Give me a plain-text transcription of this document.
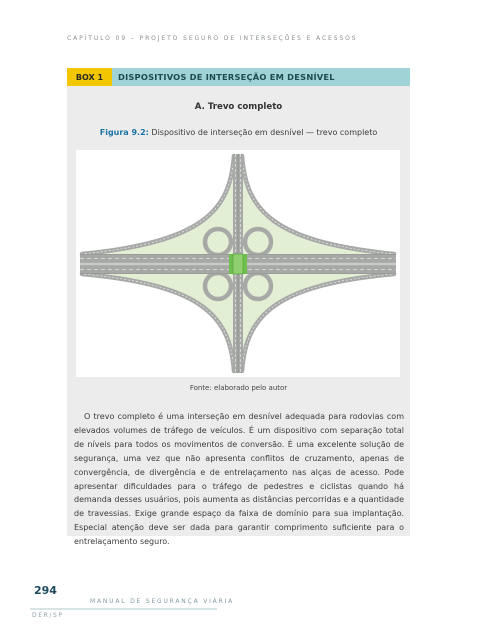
CAPÍTULO 09 – PROJETO SEGURO DE INTERSEÇÕES E ACESSOS
BOX 1	DISPOSITIVOS DE INTERSEÇÃO EM DESNÍVEL
A. Trevo completo
Figura 9.2: Dispositivo de interseção em desnível — trevo completo
Fonte: elaborado pelo autor

O trevo completo é uma interseção em desnível adequada para rodovias com elevados volumes de tráfego de veículos. É um dispositivo com separação total de níveis para todos os movimentos de conversão. É uma excelente solução de segurança, uma vez que não apresenta conflitos de cruzamento, apenas de convergência, de divergência e de entrelaçamento nas alças de acesso. Pode apresentar dificuldades para o tráfego de pedestres e ciclistas quando há demanda desses usuários, pois aumenta as distâncias percorridas e a quantidade de travessias. Exige grande espaço da faixa de domínio para sua implantação. Especial atenção deve ser dada para garantir comprimento suficiente para o entrelaçamento seguro.

294
MANUAL DE SEGURANÇA VIÁRIA
DER/SP
